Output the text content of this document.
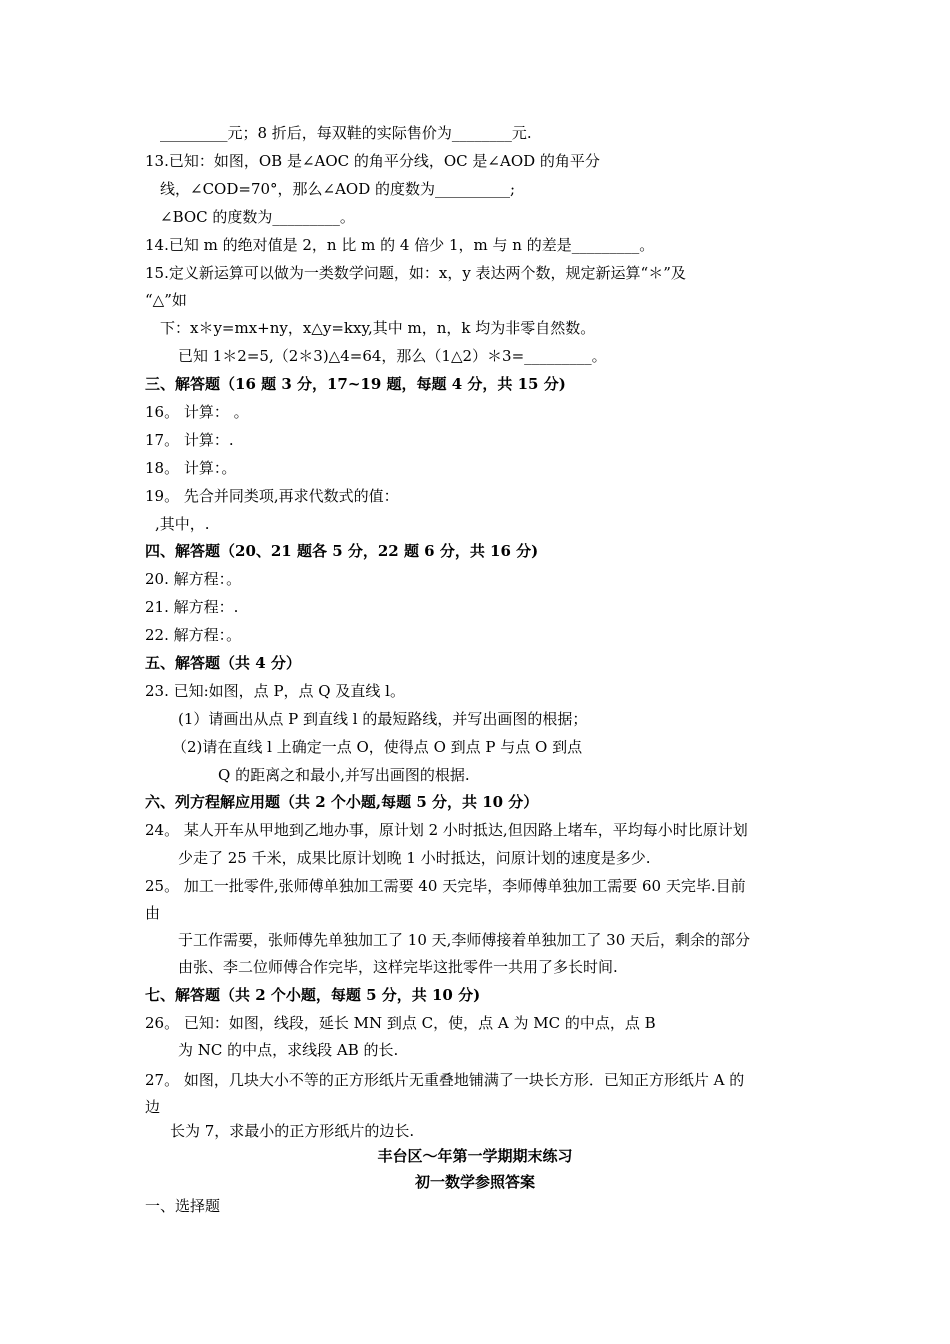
_________元；8 折后，每双鞋的实际售价为________元.
13.已知：如图，OB 是∠AOC 的角平分线，OC 是∠AOD 的角平分
线，∠COD=70°，那么∠AOD 的度数为__________;
∠BOC 的度数为_________。
14.已知 m 的绝对值是 2，n 比 m 的 4 倍少 1，m 与 n 的差是_________。
15.定义新运算可以做为一类数学问题，如：x，y 表达两个数，规定新运算“＊”及
“△”如
下：x＊y=mx+ny，x△y=kxy,其中 m，n，k 均为非零自然数。
已知 1＊2=5,（2＊3)△4=64，那么（1△2）＊3=_________。
三、解答题（16 题 3 分，17~19 题，每题 4 分，共 15 分)
16。 计算： 。
17。 计算：.
18。 计算：。
19。 先合并同类项,再求代数式的值：
,其中，.
四、解答题（20、21 题各 5 分，22 题 6 分，共 16 分)
20. 解方程：。
21. 解方程：.
22. 解方程：。
五、解答题（共 4 分）
23. 已知:如图，点 P，点 Q 及直线 l。
(1）请画出从点 P 到直线 l 的最短路线，并写出画图的根据；
（2)请在直线 l 上确定一点 O，使得点 O 到点 P 与点 O 到点
Q 的距离之和最小,并写出画图的根据.
六、列方程解应用题（共 2 个小题,每题 5 分，共 10 分）
24。 某人开车从甲地到乙地办事，原计划 2 小时抵达,但因路上堵车，平均每小时比原计划
少走了 25 千米，成果比原计划晚 1 小时抵达，问原计划的速度是多少.
25。 加工一批零件,张师傅单独加工需要 40 天完毕，李师傅单独加工需要 60 天完毕.目前
由
于工作需要，张师傅先单独加工了 10 天,李师傅接着单独加工了 30 天后，剩余的部分
由张、李二位师傅合作完毕，这样完毕这批零件一共用了多长时间.
七、解答题（共 2 个小题，每题 5 分，共 10 分)
26。 已知：如图，线段，延长 MN 到点 C，使，点 A 为 MC 的中点，点 B
为 NC 的中点，求线段 AB 的长.
27。 如图，几块大小不等的正方形纸片无重叠地铺满了一块长方形．已知正方形纸片 A 的
边
长为 7，求最小的正方形纸片的边长.
丰台区～年第一学期期末练习
初一数学参照答案
一、选择题
